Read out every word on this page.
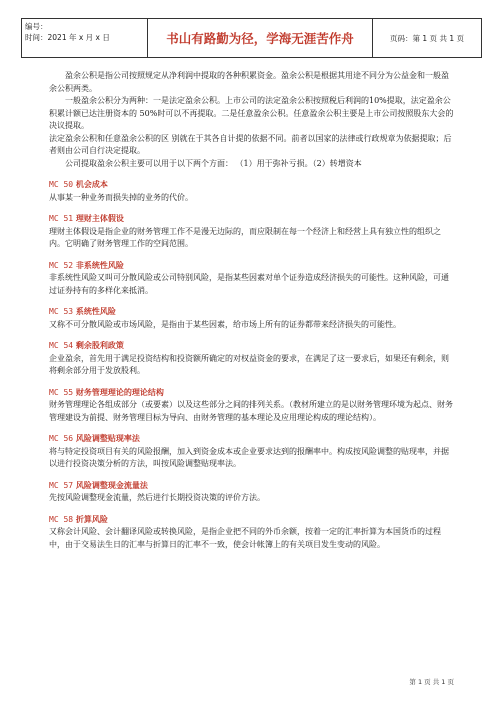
编号：
时间：2021 年 x 月 x 日	书山有路勤为径，学海无涯苦作舟	页码：第 1 页 共 1 页

盈余公积是指公司按照规定从净利润中提取的各种积累资金。盈余公积是根据其用途不同分为公益金和一般盈余公积两类。

一般盈余公积分为两种：一是法定盈余公积。上市公司的法定盈余公积按照税后利润的10%提取，法定盈余公积累计额已达注册资本的 50%时可以不再提取。二是任意盈余公积。任意盈余公积主要是上市公司按照股东大会的决议提取。

法定盈余公积和任意盈余公积的区 别就在于其各自计提的依据不同。前者以国家的法律或行政规章为依据提取；后者则由公司自行决定提取。

公司提取盈余公积主要可以用于以下两个方面： （1）用于弥补亏损。（2）转增资本

MC 50 机会成本

从事某一种业务而损失掉的业务的代价。

MC 51 理财主体假设

理财主体假设是指企业的财务管理工作不是漫无边际的，而应限制在每一个经济上和经营上具有独立性的组织之内。它明确了财务管理工作的空间范围。

MC 52 非系统性风险

非系统性风险又叫可分散风险或公司特别风险，是指某些因素对单个证券造成经济损失的可能性。这种风险，可通过证券持有的多样化来抵消。

MC 53 系统性风险

又称不可分散风险或市场风险，是指由于某些因素，给市场上所有的证券都带来经济损失的可能性。

MC 54 剩余股利政策

企业盈余，首先用于满足投资结构和投资额所确定的对权益资金的要求，在满足了这一要求后，如果还有剩余，则将剩余部分用于发放股利。

MC 55 财务管理理论的理论结构

财务管理理论各组成部分（或要素）以及这些部分之间的排列关系。（教材所建立的是以财务管理环境为起点、财务管理建设为前提、财务管理目标为导向、由财务管理的基本理论及应用理论构成的理论结构）。

MC 56 风险调整贴现率法

将与特定投资项目有关的风险报酬，加入到资金成本或企业要求达到的报酬率中。构成按风险调整的贴现率，并据以进行投资决策分析的方法，叫按风险调整贴现率法。

MC 57 风险调整现金流量法

先按风险调整现金流量，然后进行长期投资决策的评价方法。

MC 58 折算风险

又称会计风险、会计翻译风险或转换风险，是指企业把不同的外币余额，按着一定的汇率折算为本国货币的过程中，由于交易法生日的汇率与折算日的汇率不一致，使会计帐簿上的有关项目发生变动的风险。

第 1 页 共 1 页
